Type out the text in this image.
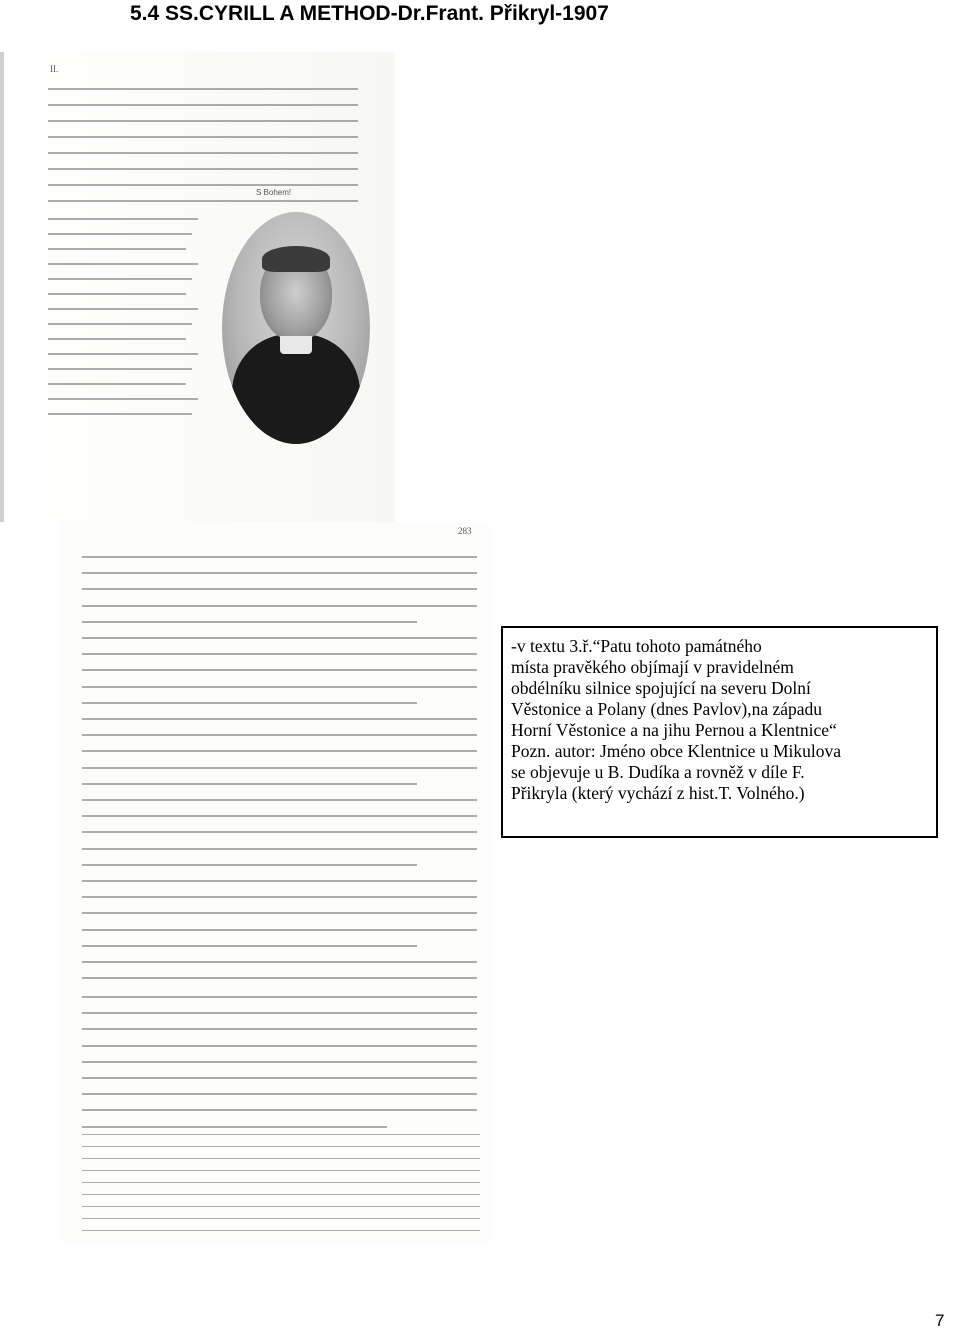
5.4 SS.CYRILL A METHOD-Dr.Frant. Přikryl-1907
II.
S Bohem!
283
-v textu 3.ř.“Patu tohoto památného
místa pravěkého objímají v pravidelném
obdélníku silnice spojující na severu Dolní
Věstonice a Polany (dnes Pavlov),na západu
Horní Věstonice a na jihu Pernou a Klentnice“
Pozn. autor: Jméno obce Klentnice u Mikulova
se objevuje u B. Dudíka a rovněž v díle F.
Přikryla (který vychází z hist.T. Volného.)
7
